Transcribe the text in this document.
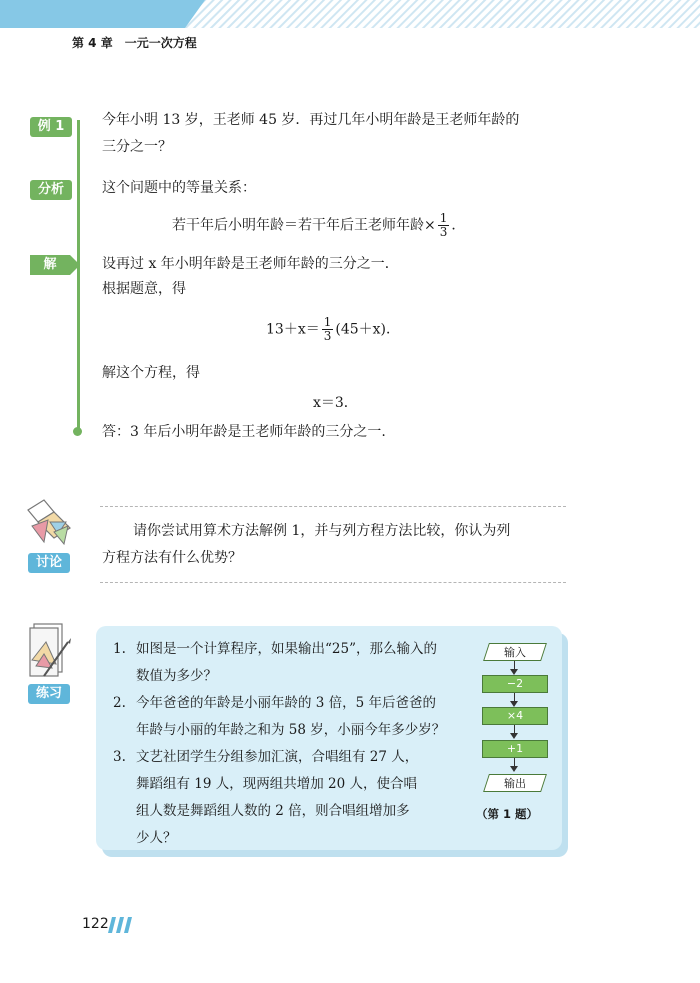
第 4 章　一元一次方程
例 1	今年小明 13 岁，王老师 45 岁．再过几年小明年龄是王老师年龄的
三分之一？
分析	这个问题中的等量关系：
若干年后小明年龄＝若干年后王老师年龄× $\frac{1}{3}$ ．
解	设再过 x 年小明年龄是王老师年龄的三分之一．
根据题意，得
$13+x= \frac{1}{3} (45+x)$．
解这个方程，得
x＝3．
答：3 年后小明年龄是王老师年龄的三分之一.
讨论
请你尝试用算术方法解例 1，并与列方程方法比较，你认为列
方程方法有什么优势？
练习
1. 如图是一个计算程序，如果输出“25”，那么输入的
数值为多少？
2. 今年爸爸的年龄是小丽年龄的 3 倍，5 年后爸爸的
年龄与小丽的年龄之和为 58 岁，小丽今年多少岁？
3. 文艺社团学生分组参加汇演，合唱组有 27 人，
舞蹈组有 19 人，现两组共增加 20 人，使合唱
组人数是舞蹈组人数的 2 倍，则合唱组增加多
少人？
输入
−2
×4
+1
输出
（第 1 题）
122
